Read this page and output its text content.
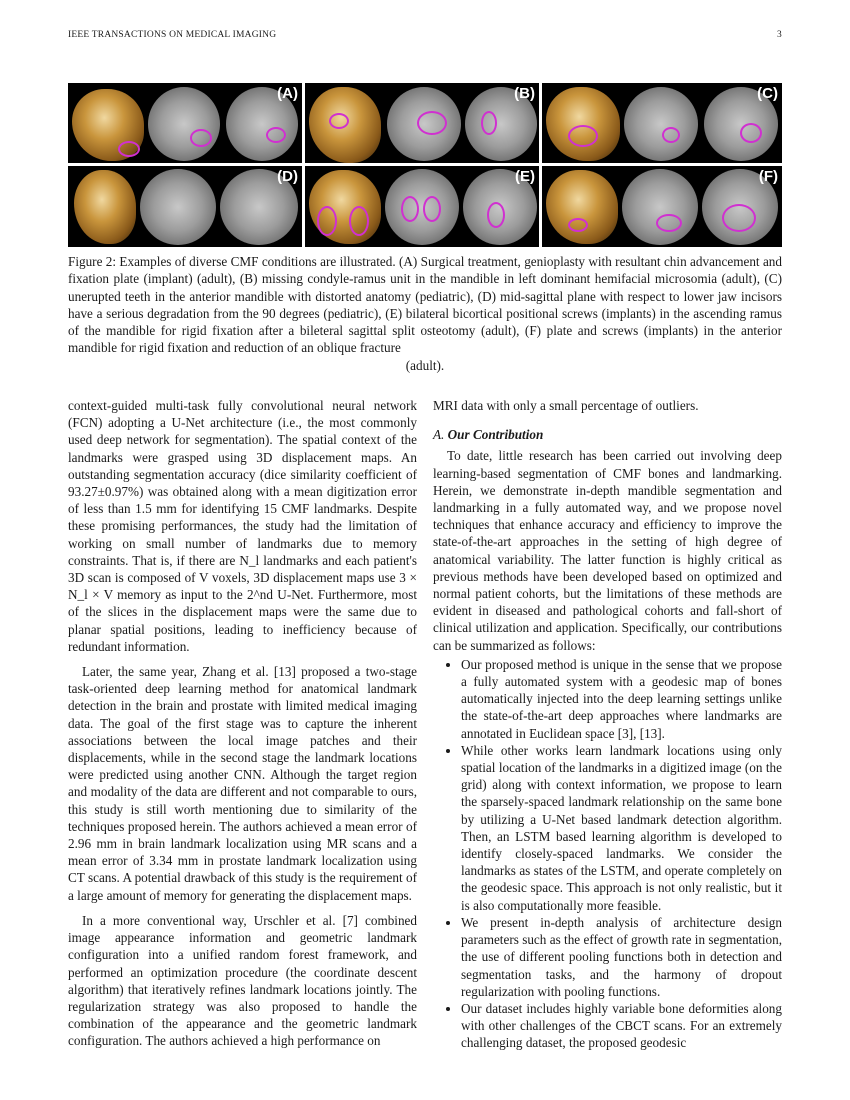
IEEE TRANSACTIONS ON MEDICAL IMAGING	3
(A)	(B)	(C)
(D)	(E)	(F)
Figure 2: Examples of diverse CMF conditions are illustrated. (A) Surgical treatment, genioplasty with resultant chin advancement and fixation plate (implant) (adult), (B) missing condyle-ramus unit in the mandible in left dominant hemifacial microsomia (adult), (C) unerupted teeth in the anterior mandible with distorted anatomy (pediatric), (D) mid-sagittal plane with respect to lower jaw incisors have a serious degradation from the 90 degrees (pediatric), (E) bilateral bicortical positional screws (implants) in the ascending ramus of the mandible for rigid fixation after a bileteral sagittal split osteotomy (adult), (F) plate and screws (implants) in the anterior mandible for rigid fixation and reduction of an oblique fracture
(adult).

context-guided multi-task fully convolutional neural network (FCN) adopting a U-Net architecture (i.e., the most commonly used deep network for segmentation). The spatial context of the landmarks were grasped using 3D displacement maps. An outstanding segmentation accuracy (dice similarity coefficient of 93.27±0.97%) was obtained along with a mean digitization error of less than 1.5 mm for identifying 15 CMF landmarks. Despite these promising performances, the study had the limitation of working on small number of landmarks due to memory constraints. That is, if there are N_l landmarks and each patient's 3D scan is composed of V voxels, 3D displacement maps use 3 × N_l × V memory as input to the 2^nd U-Net. Furthermore, most of the slices in the displacement maps were the same due to planar spatial positions, leading to inefficiency because of redundant information.

Later, the same year, Zhang et al. [13] proposed a two-stage task-oriented deep learning method for anatomical landmark detection in the brain and prostate with limited medical imaging data. The goal of the first stage was to capture the inherent associations between the local image patches and their displacements, while in the second stage the landmark locations were predicted using another CNN. Although the target region and modality of the data are different and not comparable to ours, this study is still worth mentioning due to similarity of the techniques proposed herein. The authors achieved a mean error of 2.96 mm in brain landmark localization using MR scans and a mean error of 3.34 mm in prostate landmark localization using CT scans. A potential drawback of this study is the requirement of a large amount of memory for generating the displacement maps.

In a more conventional way, Urschler et al. [7] combined image appearance information and geometric landmark configuration into a unified random forest framework, and performed an optimization procedure (the coordinate descent algorithm) that iteratively refines landmark locations jointly. The regularization strategy was also proposed to handle the combination of the appearance and the geometric landmark configuration. The authors achieved a high performance on

MRI data with only a small percentage of outliers.

A. Our Contribution

To date, little research has been carried out involving deep learning-based segmentation of CMF bones and landmarking. Herein, we demonstrate in-depth mandible segmentation and landmarking in a fully automated way, and we propose novel techniques that enhance accuracy and efficiency to improve the state-of-the-art approaches in the setting of high degree of anatomical variability. The latter function is highly critical as previous methods have been developed based on optimized and normal patient cohorts, but the limitations of these methods are evident in diseased and pathological cohorts and fall-short of clinical utilization and application. Specifically, our contributions can be summarized as follows:

• Our proposed method is unique in the sense that we propose a fully automated system with a geodesic map of bones automatically injected into the deep learning settings unlike the state-of-the-art deep approaches where landmarks are annotated in Euclidean space [3], [13].
• While other works learn landmark locations using only spatial location of the landmarks in a digitized image (on the grid) along with context information, we propose to learn the sparsely-spaced landmark relationship on the same bone by utilizing a U-Net based landmark detection algorithm. Then, an LSTM based learning algorithm is developed to identify closely-spaced landmarks. We consider the landmarks as states of the LSTM, and operate completely on the geodesic space. This approach is not only realistic, but it is also computationally more feasible.
• We present in-depth analysis of architecture design parameters such as the effect of growth rate in segmentation, the use of different pooling functions both in detection and segmentation tasks, and the harmony of dropout regularization with pooling functions.
• Our dataset includes highly variable bone deformities along with other challenges of the CBCT scans. For an extremely challenging dataset, the proposed geodesic
